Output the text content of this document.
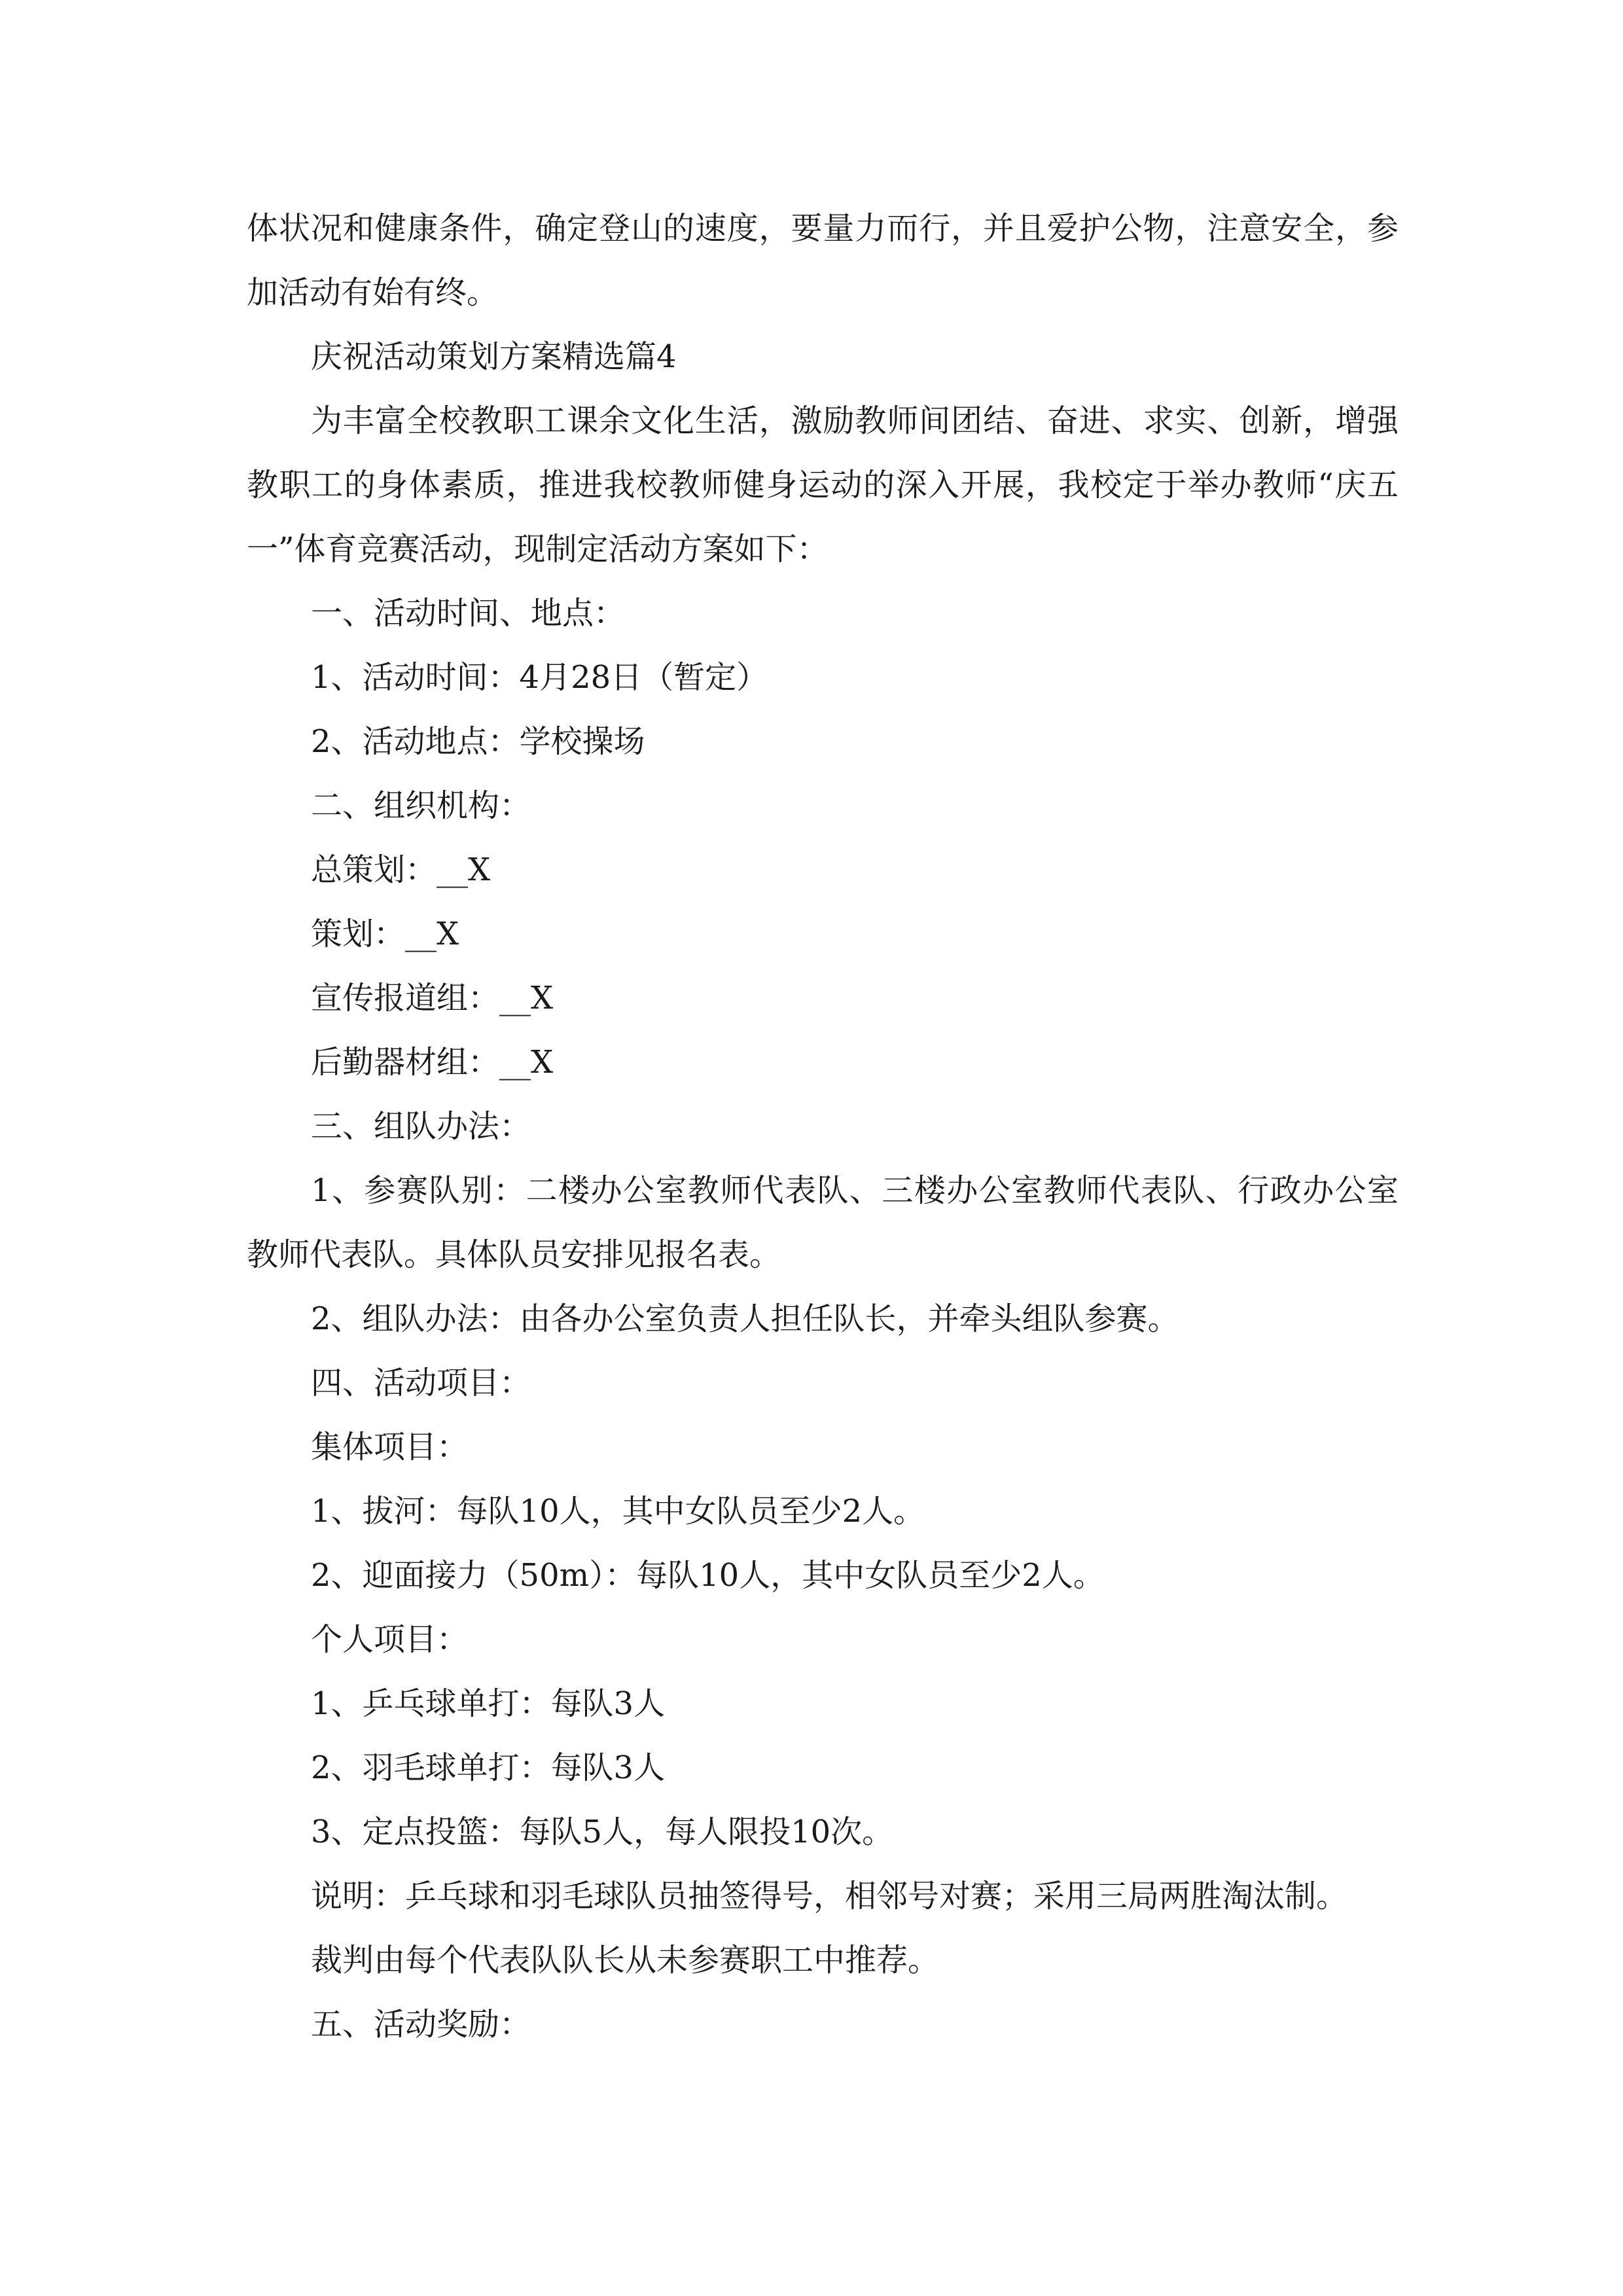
体状况和健康条件，确定登山的速度，要量力而行，并且爱护公物，注意安全，参加活动有始有终。

庆祝活动策划方案精选篇4

为丰富全校教职工课余文化生活，激励教师间团结、奋进、求实、创新，增强教职工的身体素质，推进我校教师健身运动的深入开展，我校定于举办教师“庆五一”体育竞赛活动，现制定活动方案如下：

一、活动时间、地点：

1、活动时间：4月28日（暂定）

2、活动地点：学校操场

二、组织机构：

总策划：__X

策划：__X

宣传报道组：__X

后勤器材组：__X

三、组队办法：

1、参赛队别：二楼办公室教师代表队、三楼办公室教师代表队、行政办公室教师代表队。具体队员安排见报名表。

2、组队办法：由各办公室负责人担任队长，并牵头组队参赛。

四、活动项目：

集体项目：

1、拔河：每队10人，其中女队员至少2人。

2、迎面接力（50m）：每队10人，其中女队员至少2人。

个人项目：

1、乒乓球单打：每队3人

2、羽毛球单打：每队3人

3、定点投篮：每队5人，每人限投10次。

说明：乒乓球和羽毛球队员抽签得号，相邻号对赛；采用三局两胜淘汰制。

裁判由每个代表队队长从未参赛职工中推荐。

五、活动奖励：
